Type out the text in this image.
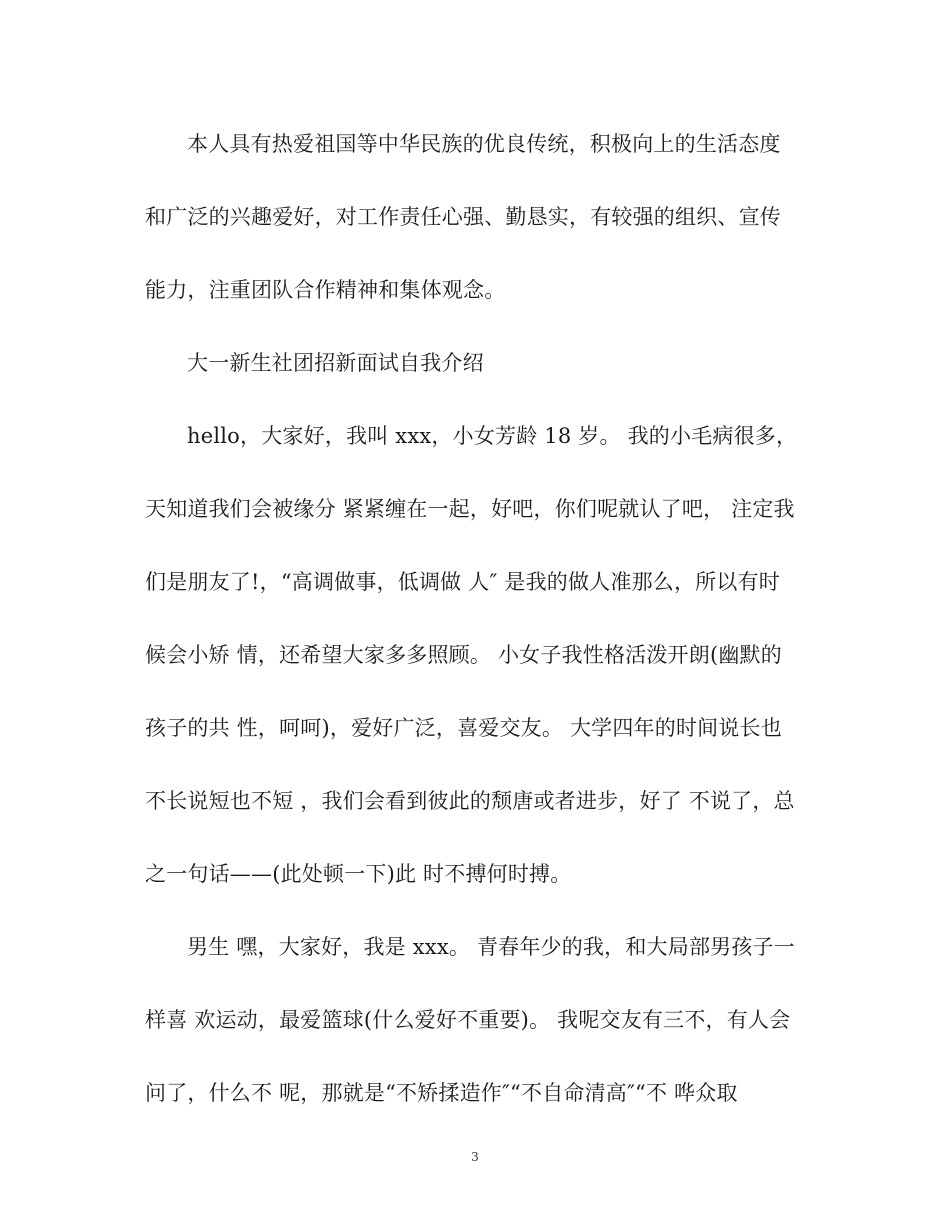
本人具有热爱祖国等中华民族的优良传统，积极向上的生活态度
和广泛的兴趣爱好，对工作责任心强、勤恳实，有较强的组织、宣传
能力，注重团队合作精神和集体观念。
大一新生社团招新面试自我介绍
hello，大家好，我叫 xxx，小女芳龄 18 岁。 我的小毛病很多，
天知道我们会被缘分 紧紧缠在一起，好吧，你们呢就认了吧， 注定我
们是朋友了!，“高调做事，低调做 人″ 是我的做人准那么，所以有时
候会小矫 情，还希望大家多多照顾。 小女子我性格活泼开朗(幽默的
孩子的共 性，呵呵)，爱好广泛，喜爱交友。 大学四年的时间说长也
不长说短也不短 ，我们会看到彼此的颓唐或者进步，好了 不说了，总
之一句话——(此处顿一下)此 时不搏何时搏。
男生 嘿，大家好，我是 xxx。 青春年少的我，和大局部男孩子一
样喜 欢运动，最爱篮球(什么爱好不重要)。 我呢交友有三不，有人会
问了，什么不 呢，那就是“不矫揉造作″“不自命清高″“不 哗众取
3
